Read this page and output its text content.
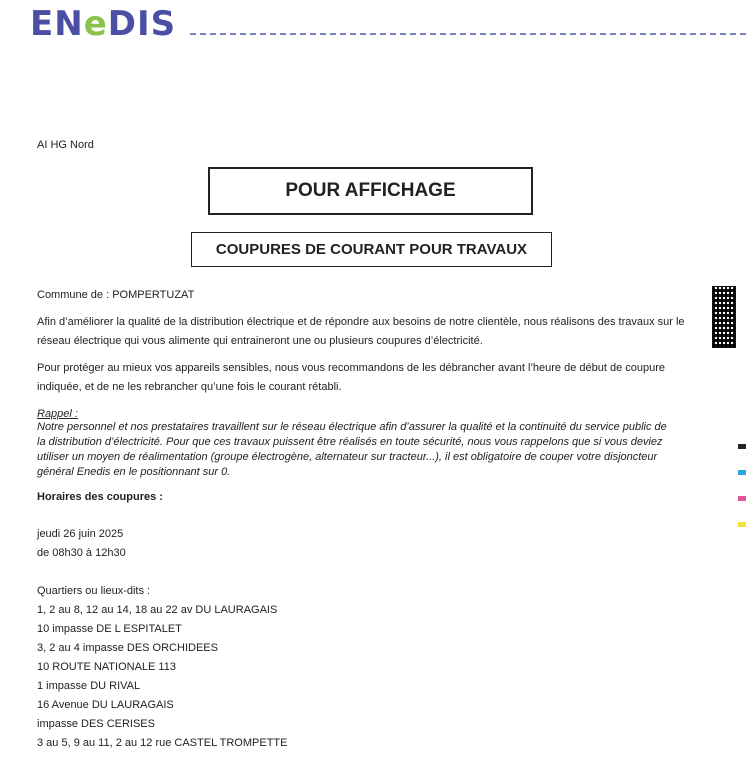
ENeDIS
AI HG Nord
POUR AFFICHAGE
COUPURES DE COURANT POUR TRAVAUX
Commune de : POMPERTUZAT
Afin d’améliorer la qualité de la distribution électrique et de répondre aux besoins de notre clientèle, nous réalisons des travaux sur le réseau électrique qui vous alimente qui entraineront une ou plusieurs coupures d’électricité.
Pour protéger au mieux vos appareils sensibles, nous vous recommandons de les débrancher avant l’heure de début de coupure indiquée, et de ne les rebrancher qu’une fois le courant rétabli.
Rappel :
Notre personnel et nos prestataires travaillent sur le réseau électrique afin d’assurer la qualité et la continuité du service public de la distribution d’électricité. Pour que ces travaux puissent être réalisés en toute sécurité, nous vous rappelons que si vous deviez utiliser un moyen de réalimentation (groupe électrogène, alternateur sur tracteur...), il est obligatoire de couper votre disjoncteur général Enedis en le positionnant sur 0.
Horaires des coupures :
jeudi 26 juin 2025
de 08h30 à 12h30
Quartiers ou lieux-dits :
1, 2 au 8, 12 au 14, 18 au 22 av DU LAURAGAIS
10 impasse DE L ESPITALET
3, 2 au 4 impasse DES ORCHIDEES
10 ROUTE NATIONALE 113
1 impasse DU RIVAL
16 Avenue DU LAURAGAIS
impasse DES CERISES
3 au 5, 9 au 11, 2 au 12 rue CASTEL TROMPETTE
